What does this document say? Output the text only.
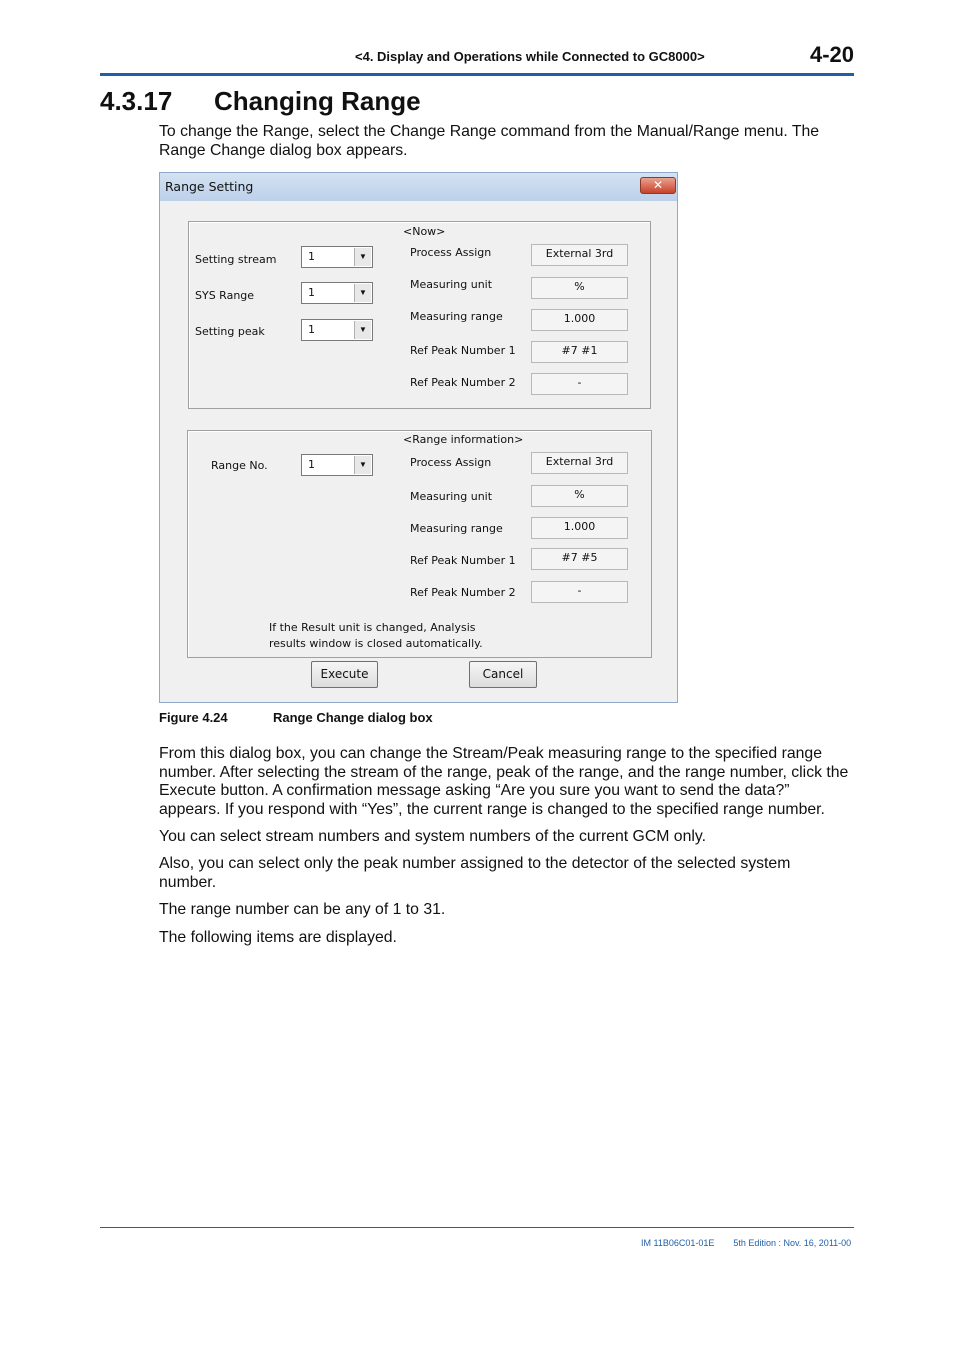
<4. Display and Operations while Connected to GC8000>	4-20
4.3.17 Changing Range
To change the Range, select the Change Range command from the Manual/Range menu. The Range Change dialog box appears.
Range Setting	✕
<Now>
Setting stream	1	▼
SYS Range	1	▼
Setting peak	1	▼
Process Assign	External 3rd
Measuring unit	%
Measuring range	1.000
Ref Peak Number 1	#7 #1
Ref Peak Number 2	-
<Range information>
Range No.	1	▼	Process Assign	External 3rd
Measuring unit	%
Measuring range	1.000
Ref Peak Number 1	#7 #5
Ref Peak Number 2	-
If the Result unit is changed, Analysis
results window is closed automatically.
Execute	Cancel
Figure 4.24	Range Change dialog box
From this dialog box, you can change the Stream/Peak measuring range to the specified range number. After selecting the stream of the range, peak of the range, and the range number, click the Execute button. A confirmation message asking “Are you sure you want to send the data?” appears. If you respond with “Yes”, the current range is changed to the specified range number.
You can select stream numbers and system numbers of the current GCM only.
Also, you can select only the peak number assigned to the detector of the selected system number.
The range number can be any of 1 to 31.
The following items are displayed.
IM 11B06C01-01E 5th Edition : Nov. 16, 2011-00
